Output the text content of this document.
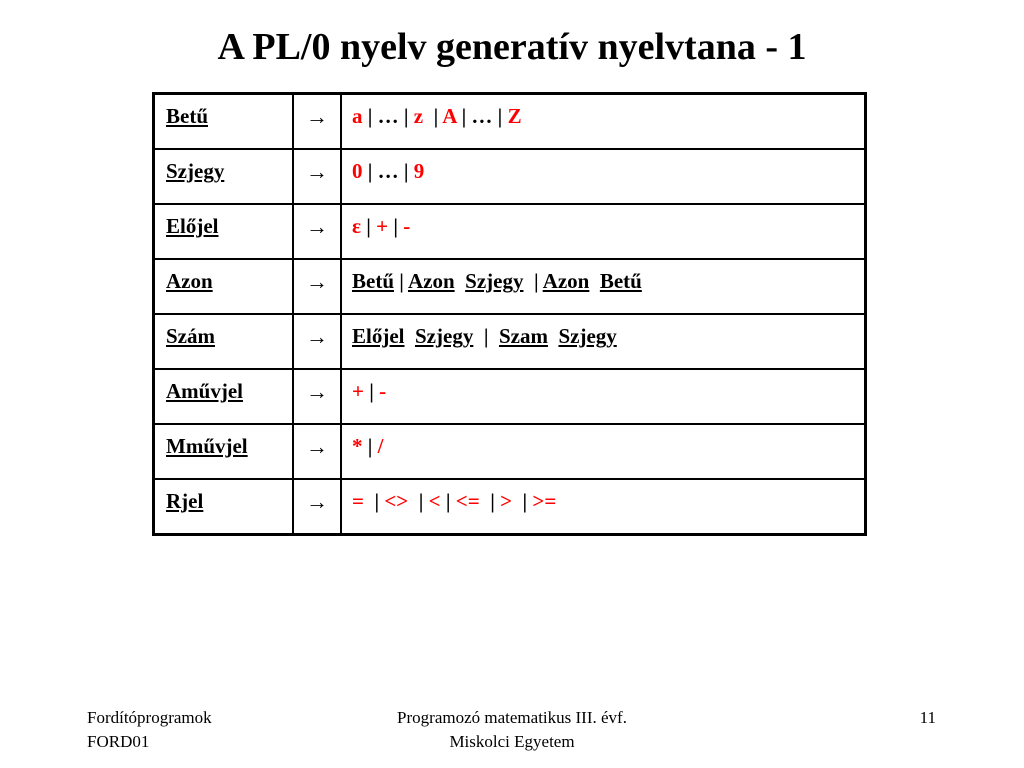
A PL/0 nyelv generatív nyelvtana - 1
Betű	→	a | … | z  | A | … | Z
Szjegy	→	0 | … | 9
Előjel	→	ε | + | -
Azon	→	Betű | Azon Szjegy  | Azon Betű
Szám	→	Előjel Szjegy  |  Szam Szjegy
Aművjel	→	+ | -
Mművjel	→	* | /
Rjel	→	=  | <>  | < | <=  | >  | >=
Fordítóprogramok
FORD01
Programozó matematikus III. évf.
Miskolci Egyetem
11
